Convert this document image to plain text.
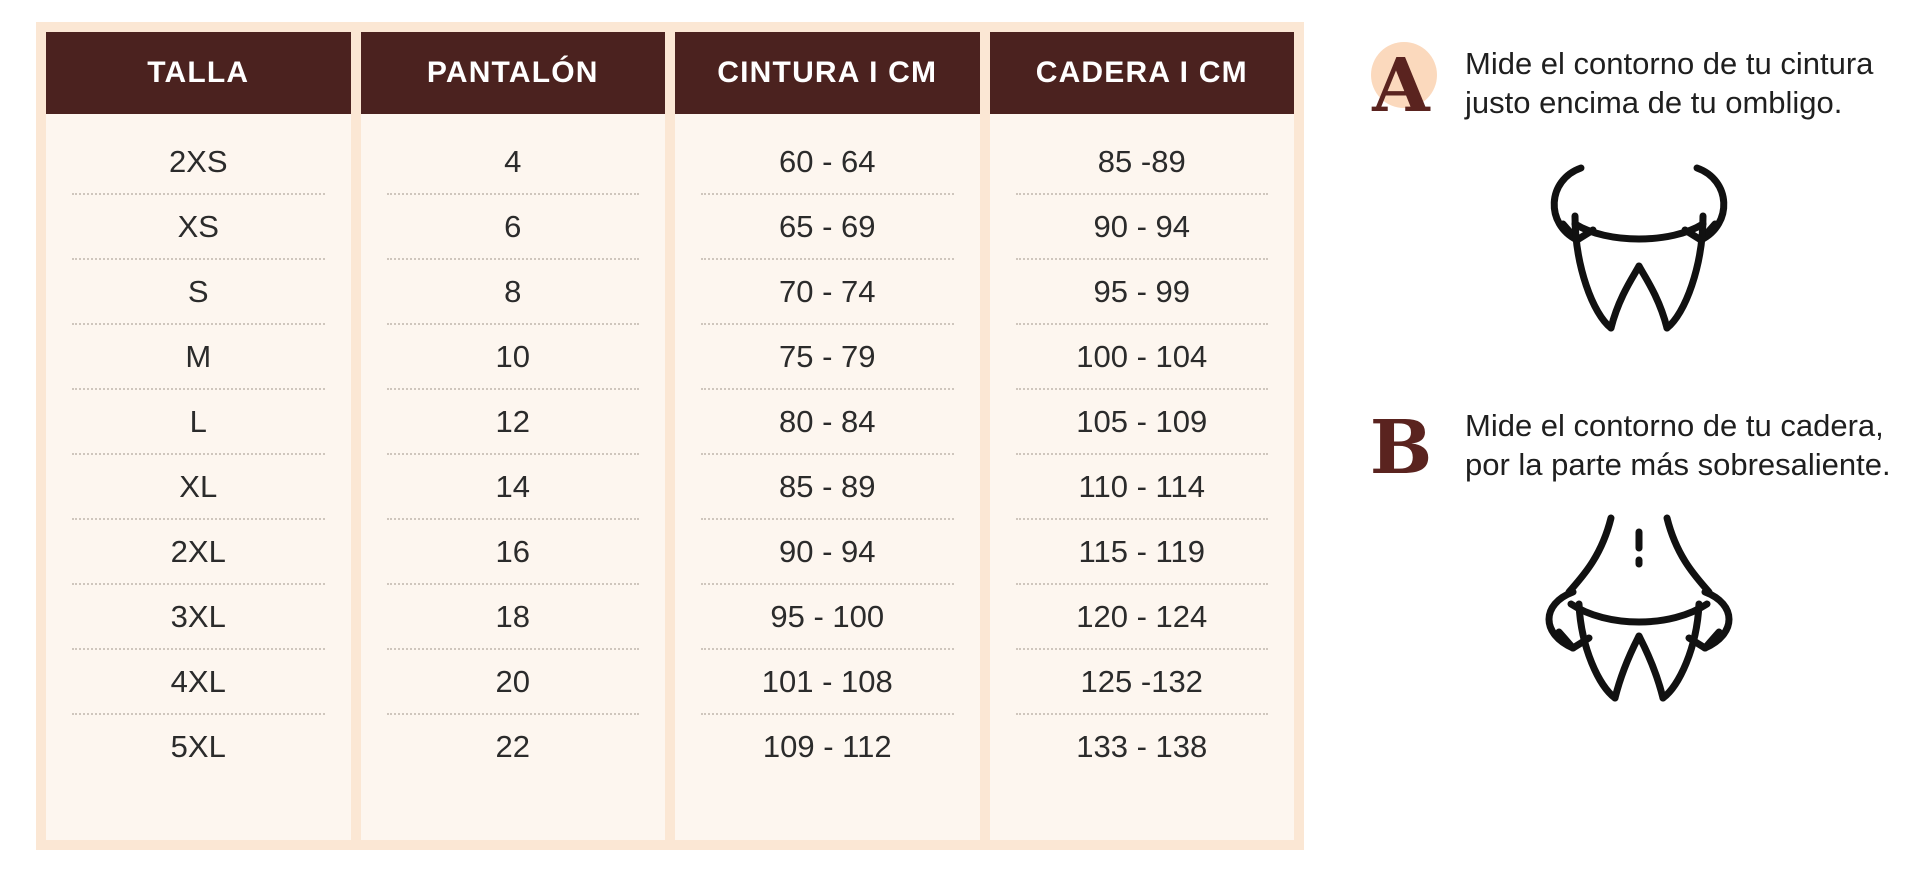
TALLA
2XS
XS
S
M
L
XL
2XL
3XL
4XL
5XL
PANTALÓN
4
6
8
10
12
14
16
18
20
22
CINTURA I CM
60 - 64
65 - 69
70 - 74
75 - 79
80 - 84
85 - 89
90 - 94
95 - 100
101 - 108
109 - 112
CADERA I CM
85 -89
90 - 94
95 - 99
100 - 104
105 - 109
110 - 114
115 - 119
120 - 124
125 -132
133 - 138
A	Mide el contorno de tu cintura justo encima de tu ombligo.
B	Mide el contorno de tu cadera, por la parte más sobresaliente.
